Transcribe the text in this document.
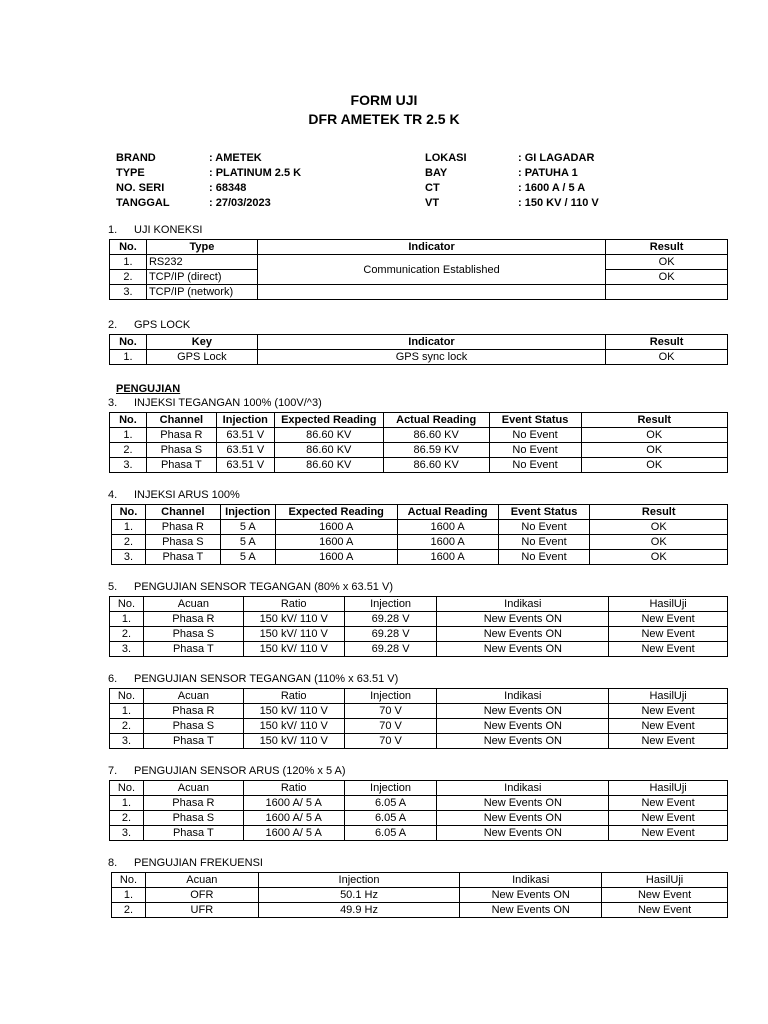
FORM UJI
DFR AMETEK TR 2.5 K
BRAND	: AMETEK	LOKASI	: GI LAGADAR
TYPE	: PLATINUM 2.5 K	BAY	: PATUHA 1
NO. SERI	: 68348	CT	: 1600 A / 5 A
TANGGAL	: 27/03/2023	VT	: 150 KV / 110 V
1. UJI KONEKSI
No.	Type	Indicator	Result
1.	RS232	Communication Established	OK
2.	TCP/IP (direct)		OK
3.	TCP/IP (network)		
2. GPS LOCK
No.	Key	Indicator	Result
1.	GPS Lock	GPS sync lock	OK
PENGUJIAN
3. INJEKSI TEGANGAN 100% (100V/^3)
No.	Channel	Injection	Expected Reading	Actual Reading	Event Status	Result
1.	Phasa R	63.51 V	86.60 KV	86.60 KV	No Event	OK
2.	Phasa S	63.51 V	86.60 KV	86.59 KV	No Event	OK
3.	Phasa T	63.51 V	86.60 KV	86.60 KV	No Event	OK
4. INJEKSI ARUS 100%
No.	Channel	Injection	Expected Reading	Actual Reading	Event Status	Result
1.	Phasa R	5 A	1600 A	1600 A	No Event	OK
2.	Phasa S	5 A	1600 A	1600 A	No Event	OK
3.	Phasa T	5 A	1600 A	1600 A	No Event	OK
5. PENGUJIAN SENSOR TEGANGAN (80% x 63.51 V)
No.	Acuan	Ratio	Injection	Indikasi	HasilUji
1.	Phasa R	150 kV/ 110 V	69.28 V	New Events ON	New Event
2.	Phasa S	150 kV/ 110 V	69.28 V	New Events ON	New Event
3.	Phasa T	150 kV/ 110 V	69.28 V	New Events ON	New Event
6. PENGUJIAN SENSOR TEGANGAN (110% x 63.51 V)
No.	Acuan	Ratio	Injection	Indikasi	HasilUji
1.	Phasa R	150 kV/ 110 V	70 V	New Events ON	New Event
2.	Phasa S	150 kV/ 110 V	70 V	New Events ON	New Event
3.	Phasa T	150 kV/ 110 V	70 V	New Events ON	New Event
7. PENGUJIAN SENSOR ARUS (120% x 5 A)
No.	Acuan	Ratio	Injection	Indikasi	HasilUji
1.	Phasa R	1600 A/ 5 A	6.05 A	New Events ON	New Event
2.	Phasa S	1600 A/ 5 A	6.05 A	New Events ON	New Event
3.	Phasa T	1600 A/ 5 A	6.05 A	New Events ON	New Event
8. PENGUJIAN FREKUENSI
No.	Acuan	Injection	Indikasi	HasilUji
1.	OFR	50.1 Hz	New Events ON	New Event
2.	UFR	49.9 Hz	New Events ON	New Event
